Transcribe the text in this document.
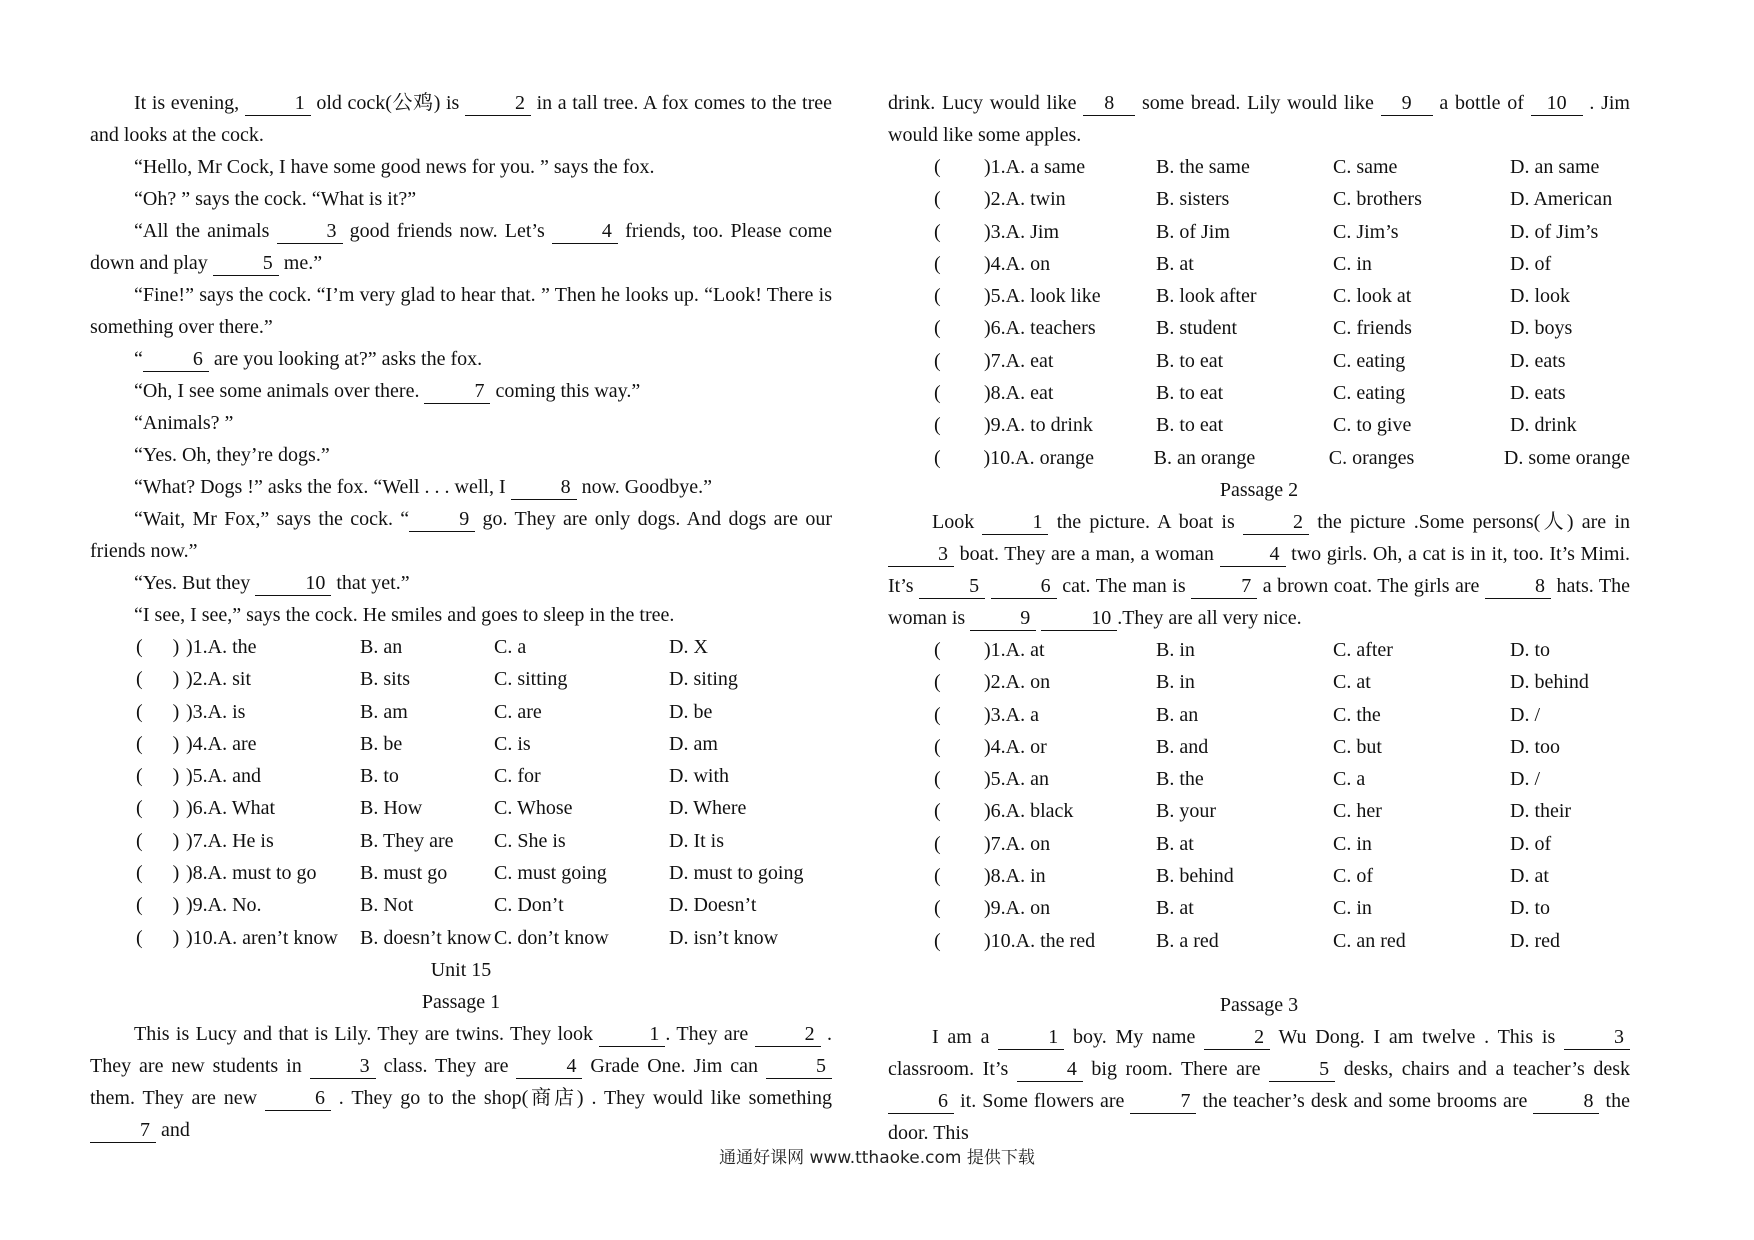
It is evening,	1 old cock(公鸡) is	2 in a tall tree. A fox comes to the tree and looks at the cock.

“Hello, Mr Cock, I have some good news for you. ” says the fox.

“Oh? ” says the cock. “What is it?”

“All the animals	3 good friends now. Let’s	4 friends, too. Please come down and play	5 me.”

“Fine!” says the cock. “I’m very glad to hear that. ” Then he looks up. “Look! There is something over there.”

“	6 are you looking at?” asks the fox.

“Oh, I see some animals over there.	7 coming this way.”

“Animals? ”

“Yes. Oh, they’re dogs.”

“What? Dogs !” asks the fox. “Well . . . well, I	8 now. Goodbye.”

“Wait, Mr Fox,” says the cock. “	9 go. They are only dogs. And dogs are our friends now.”

“Yes. But they	10 that yet.”

“I see, I see,” says the cock. He smiles and goes to sleep in the tree.

(      ) )1.A. the	B. an	C. a	D. X
(      ) )2.A. sit	B. sits	C. sitting	D. siting
(      ) )3.A. is	B. am	C. are	D. be
(      ) )4.A. are	B. be	C. is	D. am
(      ) )5.A. and	B. to	C. for	D. with
(      ) )6.A. What	B. How	C. Whose	D. Where
(      ) )7.A. He is	B. They are	C. She is	D. It is
(      ) )8.A. must to go	B. must go	C. must going	D. must to going
(      ) )9.A. No.	B. Not	C. Don’t	D. Doesn’t
(      ) )10.A. aren’t know	B. doesn’t know C. don’t know	D. isn’t know
Unit 15
Passage 1

This is Lucy and that is Lily. They are twins. They look	1 . They are	2 . They are new students in	3 class. They are	4 Grade One. Jim can	5 them. They are new	6 . They go to the shop(商店) . They would like something 7 and

drink. Lucy would like 8 some bread. Lily would like 9 a bottle of 10 . Jim would like some apples.

(	)1.A. a same	B. the same	C. same	D. an same
(	)2.A. twin	B. sisters	C. brothers	D. American
(	)3.A. Jim	B. of Jim	C. Jim’s	D. of Jim’s
(	)4.A. on	B. at	C. in	D. of
(	)5.A. look like	B. look after	C. look at	D. look
(	)6.A. teachers	B. student	C. friends	D. boys
(	)7.A. eat	B. to eat	C. eating	D. eats
(	)8.A. eat	B. to eat	C. eating	D. eats
(	)9.A. to drink	B. to eat	C. to give	D. drink
(	)10.A. orange	B. an orange	C. oranges	D. some orange
Passage 2

Look	1 the picture. A boat is	2 the picture .Some persons(人) are in 3 boat. They are a man, a woman	4 two girls. Oh, a cat is in it, too. It’s Mimi. It’s	5	6 cat. The man is	7 a brown coat. The girls are	8 hats. The woman is	9	10 .They are all very nice.

(	)1.A. at	B. in	C. after	D. to
(	)2.A. on	B. in	C. at	D. behind
(	)3.A. a	B. an	C. the	D. /
(	)4.A. or	B. and	C. but	D. too
(	)5.A. an	B. the	C. a	D. /
(	)6.A. black	B. your	C. her	D. their
(	)7.A. on	B. at	C. in	D. of
(	)8.A. in	B. behind	C. of	D. at
(	)9.A. on	B. at	C. in	D. to
(	)10.A. the red	B. a red	C. an red	D. red
Passage 3

I am a	1 boy. My name	2 Wu Dong. I am twelve . This is	3 classroom. It’s	4 big room. There are	5 desks, chairs and a teacher’s desk 6 it. Some flowers are	7 the teacher’s desk and some brooms are	8 the door. This

通通好课网 www.tthaoke.com 提供下载
